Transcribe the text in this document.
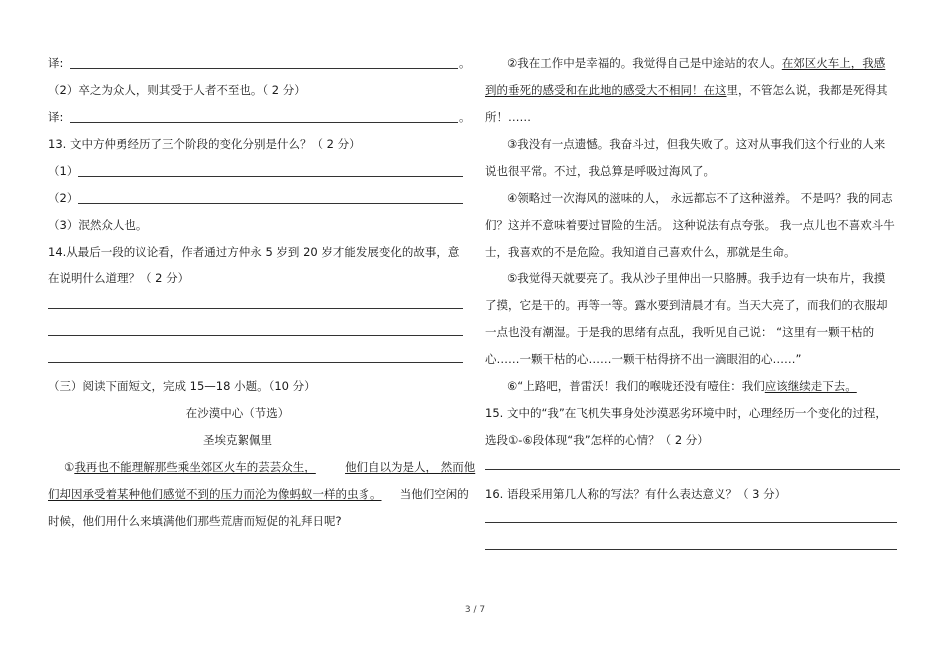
译:	。
（2）卒之为众人，则其受于人者不至也。（ 2 分）
译:	。
13. 文中方仲勇经历了三个阶段的变化分别是什么？（ 2 分）
（1）
（2）
（3）泯然众人也。
14.从最后一段的议论看，作者通过方仲永 5 岁到 20 岁才能发展变化的故事，意
在说明什么道理？（ 2 分）
（三）阅读下面短文，完成 15—18 小题。（10 分）
在沙漠中心（节选）
圣埃克絮佩里
①我再也不能理解那些乘坐郊区火车的芸芸众生，	他们自以为是人， 然而他
们却因承受着某种他们感觉不到的压力而沦为像蚂蚁一样的虫豸。     当他们空闲的
时候，他们用什么来填满他们那些荒唐而短促的礼拜日呢?
②我在工作中是幸福的。我觉得自己是中途站的农人。在郊区火车上，我感
到的垂死的感受和在此地的感受大不相同！在这里，不管怎么说，我都是死得其
所！……
③我没有一点遗憾。我奋斗过，但我失败了。这对从事我们这个行业的人来
说也很平常。不过，我总算是呼吸过海风了。
④领略过一次海风的滋味的人， 永远都忘不了这种滋养。 不是吗？我的同志
们？这并不意味着要过冒险的生活。 这种说法有点夸张。 我一点儿也不喜欢斗牛
士，我喜欢的不是危险。我知道自己喜欢什么，那就是生命。
⑤我觉得天就要亮了。我从沙子里伸出一只胳膊。我手边有一块布片，我摸
了摸，它是干的。再等一等。露水要到清晨才有。当天大亮了，而我们的衣服却
一点也没有潮湿。于是我的思绪有点乱，我听见自己说： “这里有一颗干枯的
心……一颗干枯的心……一颗干枯得挤不出一滴眼泪的心……”
⑥“上路吧，普雷沃！我们的喉咙还没有噎住：我们应该继续走下去。
15. 文中的“我”在飞机失事身处沙漠恶劣环境中时，心理经历一个变化的过程，
选段①-⑥段体现“我”怎样的心情？（ 2 分）
16. 语段采用第几人称的写法？有什么表达意义？（ 3 分）
3 / 7
